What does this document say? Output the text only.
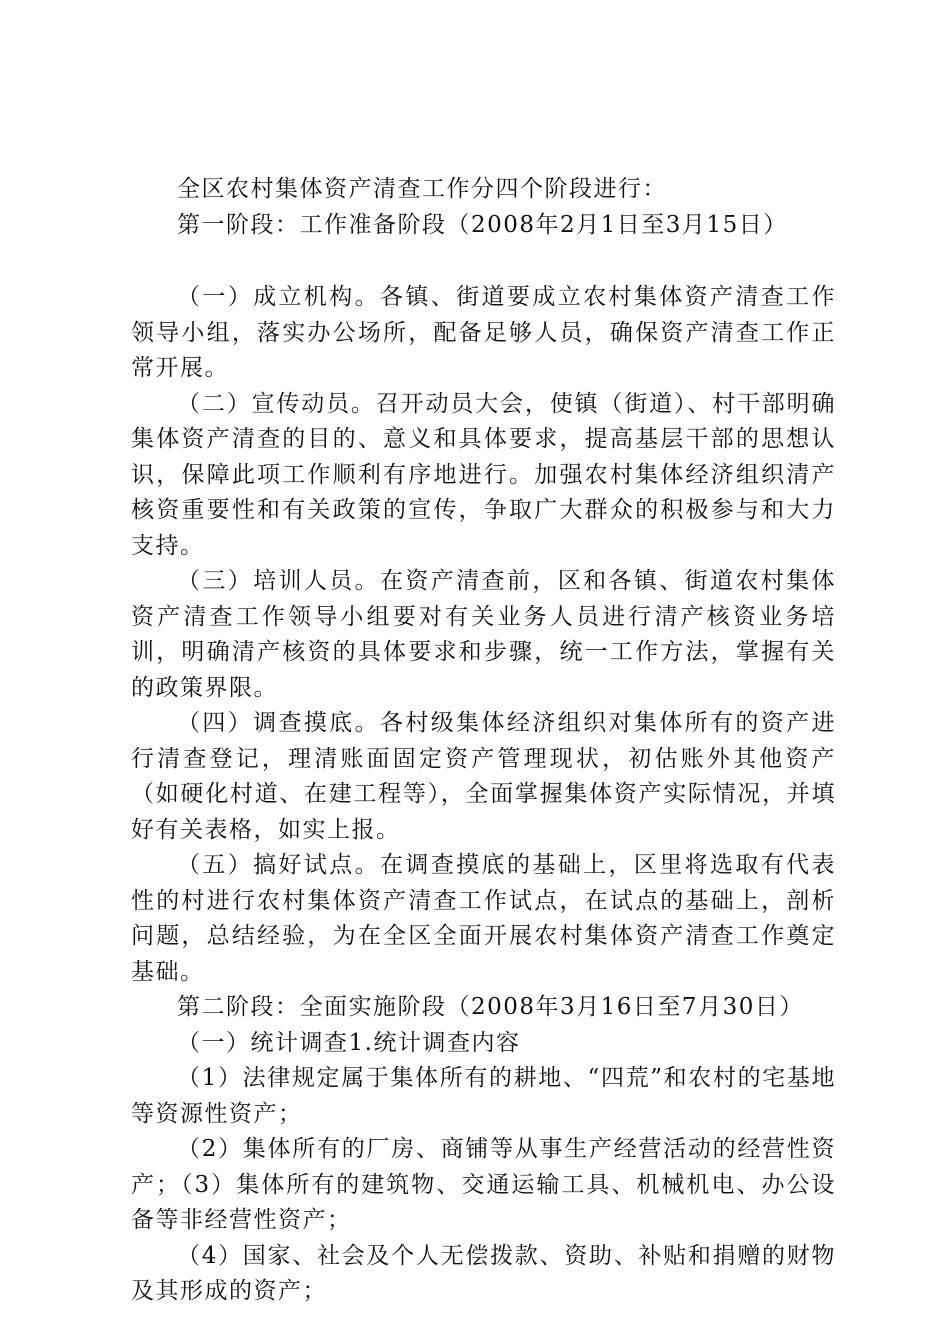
全区农村集体资产清查工作分四个阶段进行：

第一阶段：工作准备阶段（2008年2月1日至3月15日）

（一）成立机构。各镇、街道要成立农村集体资产清查工作领导小组，落实办公场所，配备足够人员，确保资产清查工作正常开展。

（二）宣传动员。召开动员大会，使镇（街道）、村干部明确集体资产清查的目的、意义和具体要求，提高基层干部的思想认识，保障此项工作顺利有序地进行。加强农村集体经济组织清产核资重要性和有关政策的宣传，争取广大群众的积极参与和大力支持。

（三）培训人员。在资产清查前，区和各镇、街道农村集体资产清查工作领导小组要对有关业务人员进行清产核资业务培训，明确清产核资的具体要求和步骤，统一工作方法，掌握有关的政策界限。

（四）调查摸底。各村级集体经济组织对集体所有的资产进行清查登记，理清账面固定资产管理现状，初估账外其他资产（如硬化村道、在建工程等），全面掌握集体资产实际情况，并填好有关表格，如实上报。

（五）搞好试点。在调查摸底的基础上，区里将选取有代表性的村进行农村集体资产清查工作试点，在试点的基础上，剖析问题，总结经验，为在全区全面开展农村集体资产清查工作奠定基础。

第二阶段：全面实施阶段（2008年3月16日至7月30日）

（一）统计调查1.统计调查内容

（1）法律规定属于集体所有的耕地、“四荒”和农村的宅基地等资源性资产；

（2）集体所有的厂房、商铺等从事生产经营活动的经营性资产；（3）集体所有的建筑物、交通运输工具、机械机电、办公设备等非经营性资产；

（4）国家、社会及个人无偿拨款、资助、补贴和捐赠的财物及其形成的资产；
